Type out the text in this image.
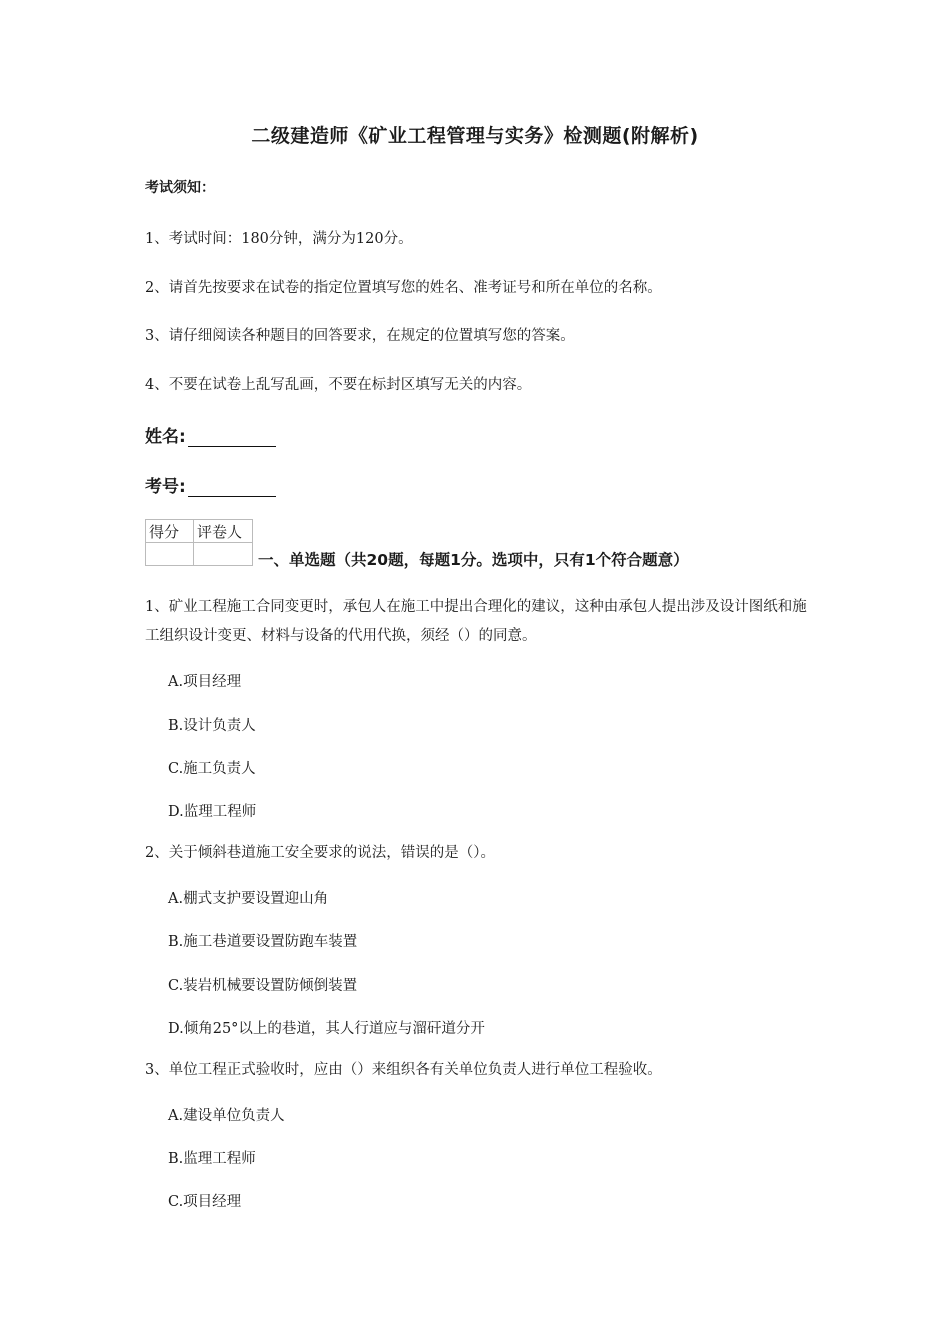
二级建造师《矿业工程管理与实务》检测题(附解析)
考试须知：
1、考试时间：180分钟，满分为120分。
2、请首先按要求在试卷的指定位置填写您的姓名、准考证号和所在单位的名称。
3、请仔细阅读各种题目的回答要求，在规定的位置填写您的答案。
4、不要在试卷上乱写乱画，不要在标封区填写无关的内容。
姓名:
考号:
得分	评卷人

一、单选题（共20题，每题1分。选项中，只有1个符合题意）
1、矿业工程施工合同变更时，承包人在施工中提出合理化的建议，这种由承包人提出涉及设计图纸和施工组织设计变更、材料与设备的代用代换，须经（）的同意。
A.项目经理
B.设计负责人
C.施工负责人
D.监理工程师
2、关于倾斜巷道施工安全要求的说法，错误的是（）。
A.棚式支护要设置迎山角
B.施工巷道要设置防跑车装置
C.装岩机械要设置防倾倒装置
D.倾角25°以上的巷道，其人行道应与溜矸道分开
3、单位工程正式验收时，应由（）来组织各有关单位负责人进行单位工程验收。
A.建设单位负责人
B.监理工程师
C.项目经理
